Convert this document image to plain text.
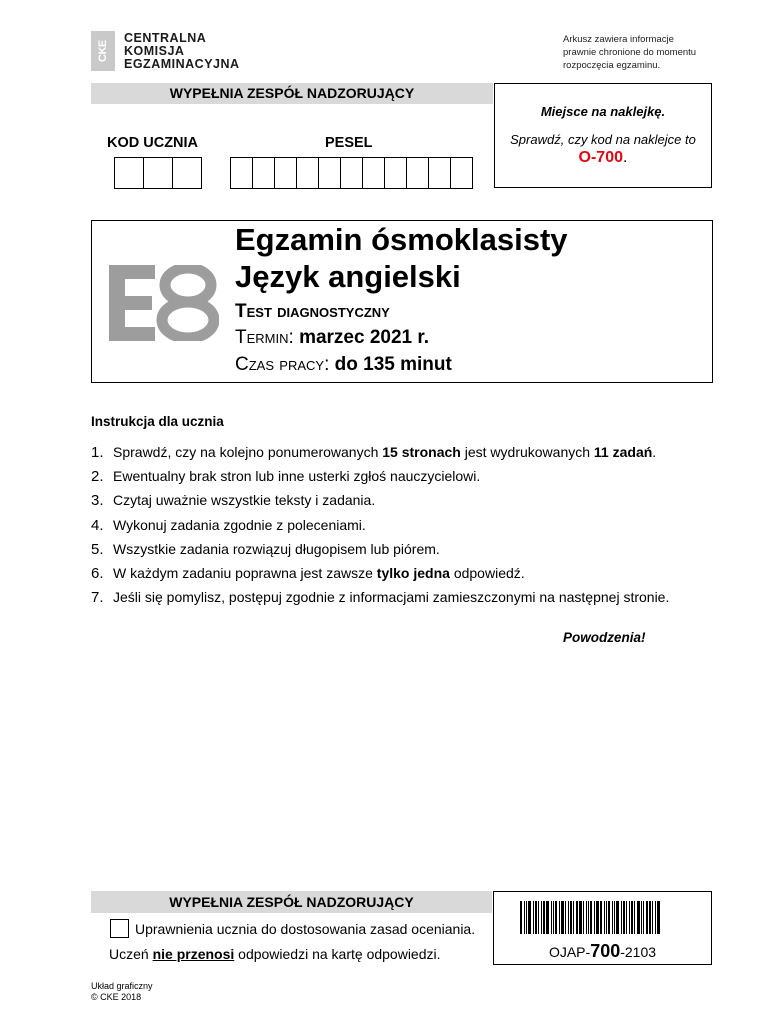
CKE
CENTRALNA
KOMISJA
EGZAMINACYJNA
Arkusz zawiera informacje
prawnie chronione do momentu
rozpoczęcia egzaminu.
WYPEŁNIA ZESPÓŁ NADZORUJĄCY
KOD UCZNIA	PESEL
Miejsce na naklejkę.
Sprawdź, czy kod na naklejce to
O-700.
Egzamin ósmoklasisty
Język angielski
Test diagnostyczny
Termin: marzec 2021 r.
Czas pracy: do 135 minut
Instrukcja dla ucznia
1. Sprawdź, czy na kolejno ponumerowanych 15 stronach jest wydrukowanych 11 zadań.
2. Ewentualny brak stron lub inne usterki zgłoś nauczycielowi.
3. Czytaj uważnie wszystkie teksty i zadania.
4. Wykonuj zadania zgodnie z poleceniami.
5. Wszystkie zadania rozwiązuj długopisem lub piórem.
6. W każdym zadaniu poprawna jest zawsze tylko jedna odpowiedź.
7. Jeśli się pomylisz, postępuj zgodnie z informacjami zamieszczonymi na następnej stronie.
Powodzenia!
WYPEŁNIA ZESPÓŁ NADZORUJĄCY
Uprawnienia ucznia do dostosowania zasad oceniania.
Uczeń nie przenosi odpowiedzi na kartę odpowiedzi.	OJAP-700-2103
Układ graficzny
© CKE 2018
